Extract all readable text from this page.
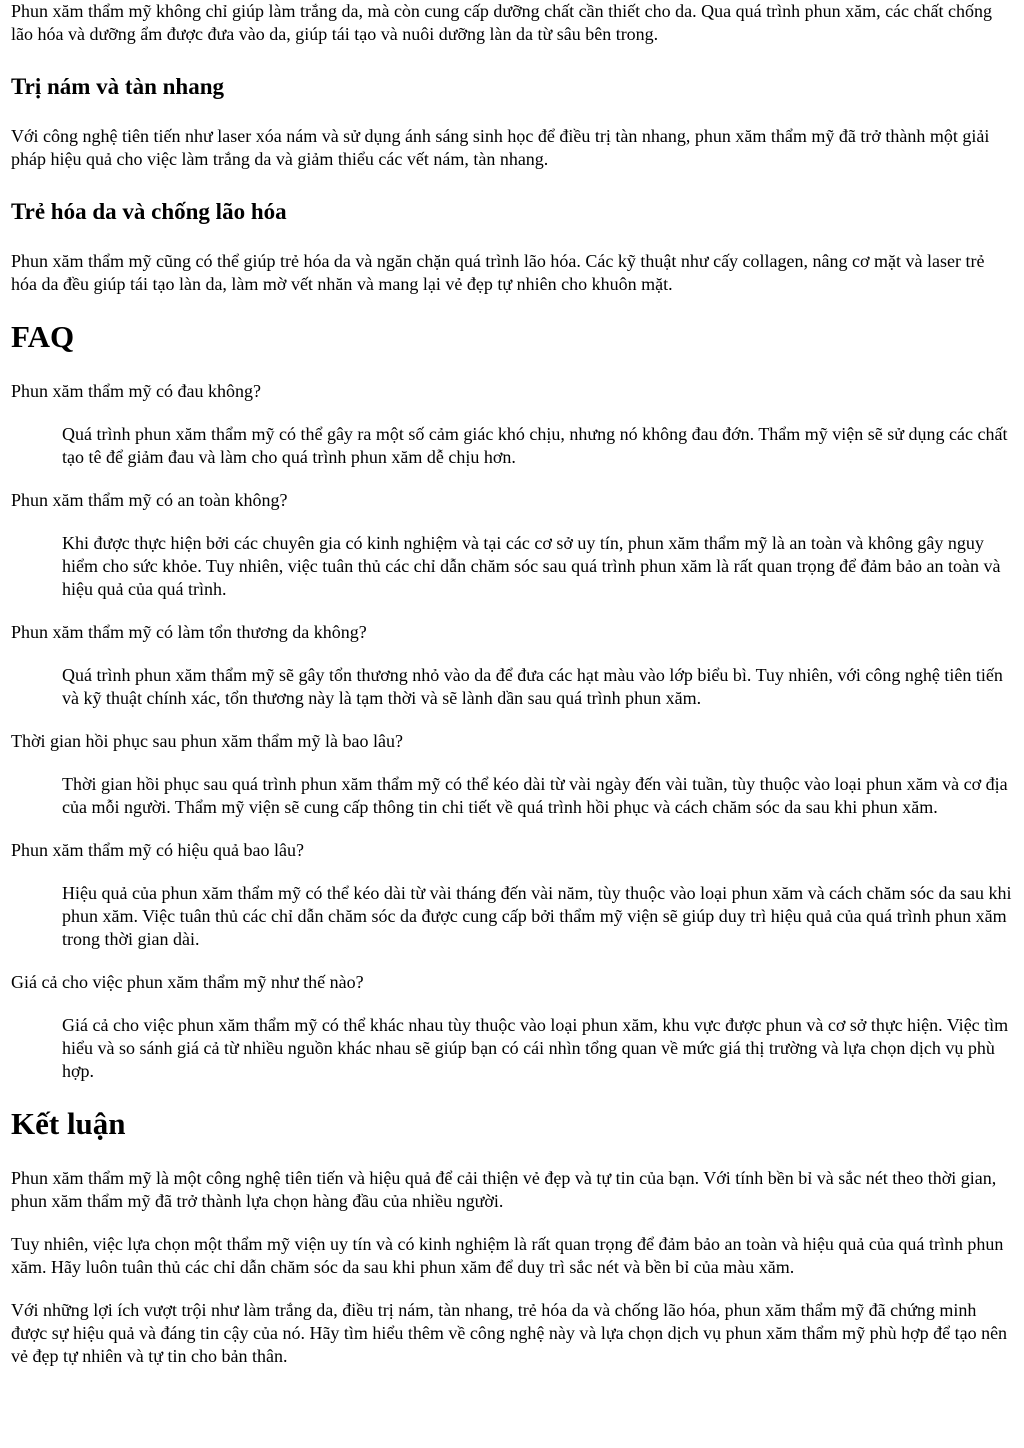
Phun xăm thẩm mỹ không chỉ giúp làm trắng da, mà còn cung cấp dưỡng chất cần thiết cho da. Qua quá trình phun xăm, các chất chống lão hóa và dưỡng ẩm được đưa vào da, giúp tái tạo và nuôi dưỡng làn da từ sâu bên trong.

Trị nám và tàn nhang

Với công nghệ tiên tiến như laser xóa nám và sử dụng ánh sáng sinh học để điều trị tàn nhang, phun xăm thẩm mỹ đã trở thành một giải pháp hiệu quả cho việc làm trắng da và giảm thiểu các vết nám, tàn nhang.

Trẻ hóa da và chống lão hóa

Phun xăm thẩm mỹ cũng có thể giúp trẻ hóa da và ngăn chặn quá trình lão hóa. Các kỹ thuật như cấy collagen, nâng cơ mặt và laser trẻ hóa da đều giúp tái tạo làn da, làm mờ vết nhăn và mang lại vẻ đẹp tự nhiên cho khuôn mặt.

FAQ

Phun xăm thẩm mỹ có đau không?

Quá trình phun xăm thẩm mỹ có thể gây ra một số cảm giác khó chịu, nhưng nó không đau đớn. Thẩm mỹ viện sẽ sử dụng các chất tạo tê để giảm đau và làm cho quá trình phun xăm dễ chịu hơn.

Phun xăm thẩm mỹ có an toàn không?

Khi được thực hiện bởi các chuyên gia có kinh nghiệm và tại các cơ sở uy tín, phun xăm thẩm mỹ là an toàn và không gây nguy hiểm cho sức khỏe. Tuy nhiên, việc tuân thủ các chỉ dẫn chăm sóc sau quá trình phun xăm là rất quan trọng để đảm bảo an toàn và hiệu quả của quá trình.

Phun xăm thẩm mỹ có làm tổn thương da không?

Quá trình phun xăm thẩm mỹ sẽ gây tổn thương nhỏ vào da để đưa các hạt màu vào lớp biểu bì. Tuy nhiên, với công nghệ tiên tiến và kỹ thuật chính xác, tổn thương này là tạm thời và sẽ lành dần sau quá trình phun xăm.

Thời gian hồi phục sau phun xăm thẩm mỹ là bao lâu?

Thời gian hồi phục sau quá trình phun xăm thẩm mỹ có thể kéo dài từ vài ngày đến vài tuần, tùy thuộc vào loại phun xăm và cơ địa của mỗi người. Thẩm mỹ viện sẽ cung cấp thông tin chi tiết về quá trình hồi phục và cách chăm sóc da sau khi phun xăm.

Phun xăm thẩm mỹ có hiệu quả bao lâu?

Hiệu quả của phun xăm thẩm mỹ có thể kéo dài từ vài tháng đến vài năm, tùy thuộc vào loại phun xăm và cách chăm sóc da sau khi phun xăm. Việc tuân thủ các chỉ dẫn chăm sóc da được cung cấp bởi thẩm mỹ viện sẽ giúp duy trì hiệu quả của quá trình phun xăm trong thời gian dài.

Giá cả cho việc phun xăm thẩm mỹ như thế nào?

Giá cả cho việc phun xăm thẩm mỹ có thể khác nhau tùy thuộc vào loại phun xăm, khu vực được phun và cơ sở thực hiện. Việc tìm hiểu và so sánh giá cả từ nhiều nguồn khác nhau sẽ giúp bạn có cái nhìn tổng quan về mức giá thị trường và lựa chọn dịch vụ phù hợp.

Kết luận

Phun xăm thẩm mỹ là một công nghệ tiên tiến và hiệu quả để cải thiện vẻ đẹp và tự tin của bạn. Với tính bền bỉ và sắc nét theo thời gian, phun xăm thẩm mỹ đã trở thành lựa chọn hàng đầu của nhiều người.

Tuy nhiên, việc lựa chọn một thẩm mỹ viện uy tín và có kinh nghiệm là rất quan trọng để đảm bảo an toàn và hiệu quả của quá trình phun xăm. Hãy luôn tuân thủ các chỉ dẫn chăm sóc da sau khi phun xăm để duy trì sắc nét và bền bỉ của màu xăm.

Với những lợi ích vượt trội như làm trắng da, điều trị nám, tàn nhang, trẻ hóa da và chống lão hóa, phun xăm thẩm mỹ đã chứng minh được sự hiệu quả và đáng tin cậy của nó. Hãy tìm hiểu thêm về công nghệ này và lựa chọn dịch vụ phun xăm thẩm mỹ phù hợp để tạo nên vẻ đẹp tự nhiên và tự tin cho bản thân.
